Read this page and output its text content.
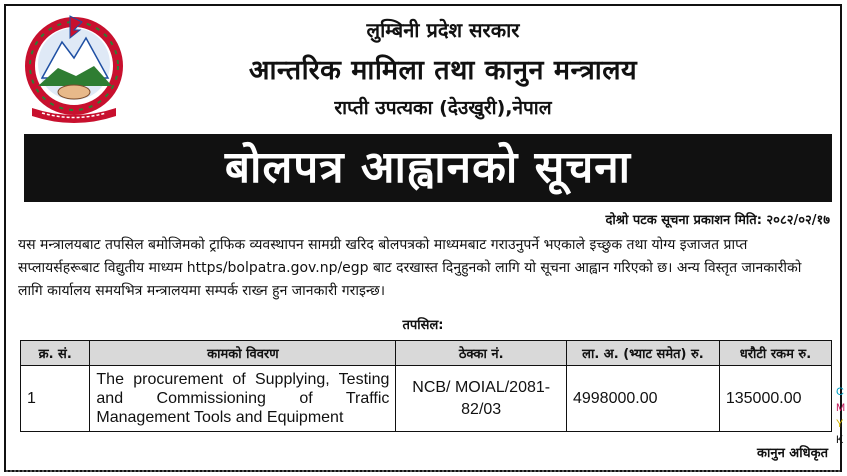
लुम्बिनी प्रदेश सरकार
आन्तरिक मामिला तथा कानुन मन्त्रालय
राप्ती उपत्यका (देउखुरी),नेपाल
बोलपत्र आह्वानको सूचना
दोश्रो पटक सूचना प्रकाशन मिति: २०८२/०२/१७
यस मन्त्रालयबाट तपसिल बमोजिमको ट्राफिक व्यवस्थापन सामग्री खरिद बोलपत्रको माध्यमबाट गराउनुपर्ने भएकाले इच्छुक तथा योग्य इजाजत प्राप्त सप्लायर्सहरूबाट विद्युतीय माध्यम https/bolpatra.gov.np/egp बाट दरखास्त दिनुहुनको लागि यो सूचना आह्वान गरिएको छ। अन्य विस्तृत जानकारीको लागि कार्यालय समयभित्र मन्त्रालयमा सम्पर्क राख्न हुन जानकारी गराइन्छ।
तपसिल:
क्र. सं.	कामको विवरण	ठेक्का नं.	ला. अ. (भ्याट समेत) रु.	धरौटी रकम रु.
1	The procurement of Supplying, Testing and Commissioning of Traffic Management Tools and Equipment	NCB/ MOIAL/2081-82/03	4998000.00	135000.00
कानुन अधिकृत
C
M
Y
K
